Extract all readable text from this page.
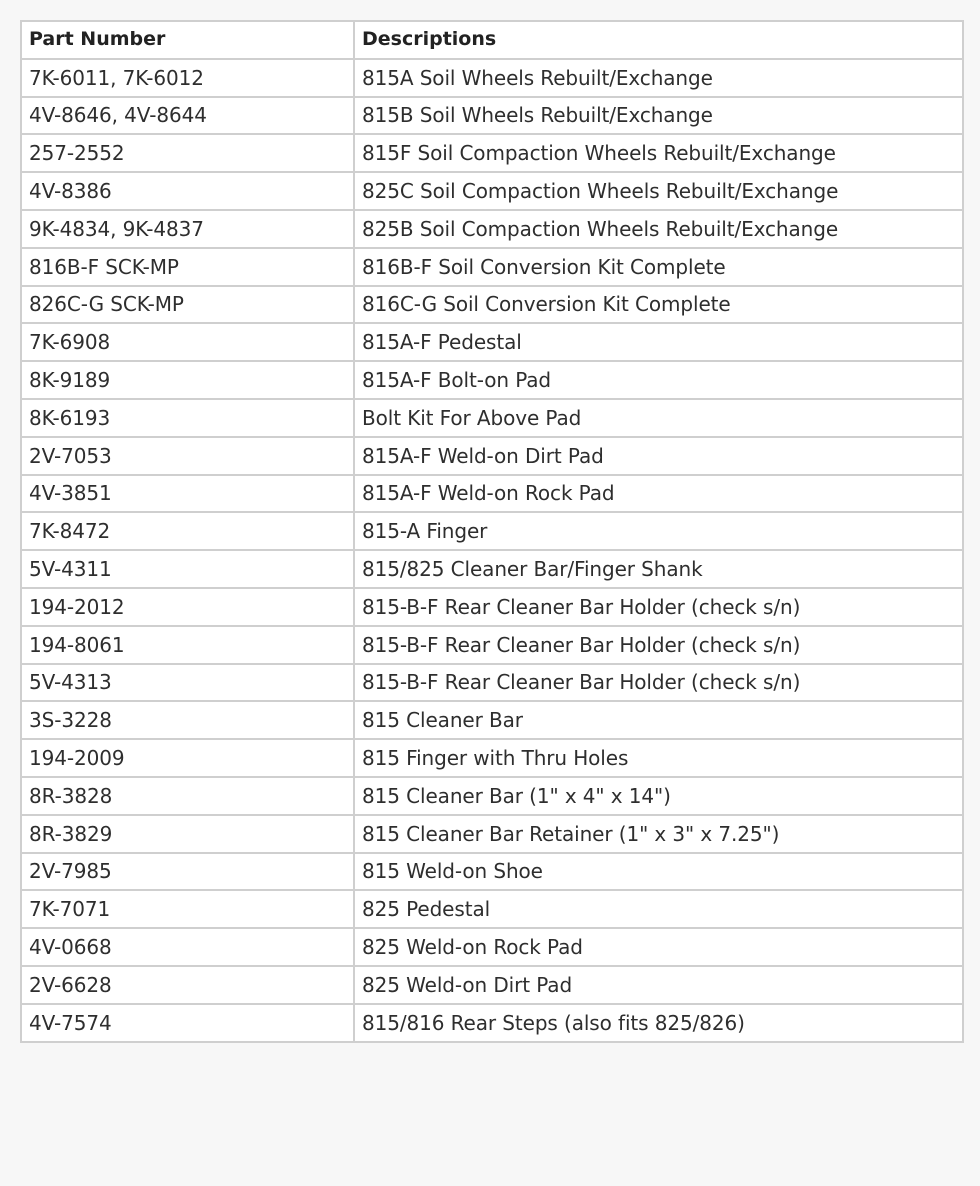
Part Number	Descriptions
7K-6011, 7K-6012	815A Soil Wheels Rebuilt/Exchange
4V-8646, 4V-8644	815B Soil Wheels Rebuilt/Exchange
257-2552	815F Soil Compaction Wheels Rebuilt/Exchange
4V-8386	825C Soil Compaction Wheels Rebuilt/Exchange
9K-4834, 9K-4837	825B Soil Compaction Wheels Rebuilt/Exchange
816B-F SCK-MP	816B-F Soil Conversion Kit Complete
826C-G SCK-MP	816C-G Soil Conversion Kit Complete
7K-6908	815A-F Pedestal
8K-9189	815A-F Bolt-on Pad
8K-6193	Bolt Kit For Above Pad
2V-7053	815A-F Weld-on Dirt Pad
4V-3851	815A-F Weld-on Rock Pad
7K-8472	815-A Finger
5V-4311	815/825 Cleaner Bar/Finger Shank
194-2012	815-B-F Rear Cleaner Bar Holder (check s/n)
194-8061	815-B-F Rear Cleaner Bar Holder (check s/n)
5V-4313	815-B-F Rear Cleaner Bar Holder (check s/n)
3S-3228	815 Cleaner Bar
194-2009	815 Finger with Thru Holes
8R-3828	815 Cleaner Bar (1" x 4" x 14")
8R-3829	815 Cleaner Bar Retainer (1" x 3" x 7.25")
2V-7985	815 Weld-on Shoe
7K-7071	825 Pedestal
4V-0668	825 Weld-on Rock Pad
2V-6628	825 Weld-on Dirt Pad
4V-7574	815/816 Rear Steps (also fits 825/826)
